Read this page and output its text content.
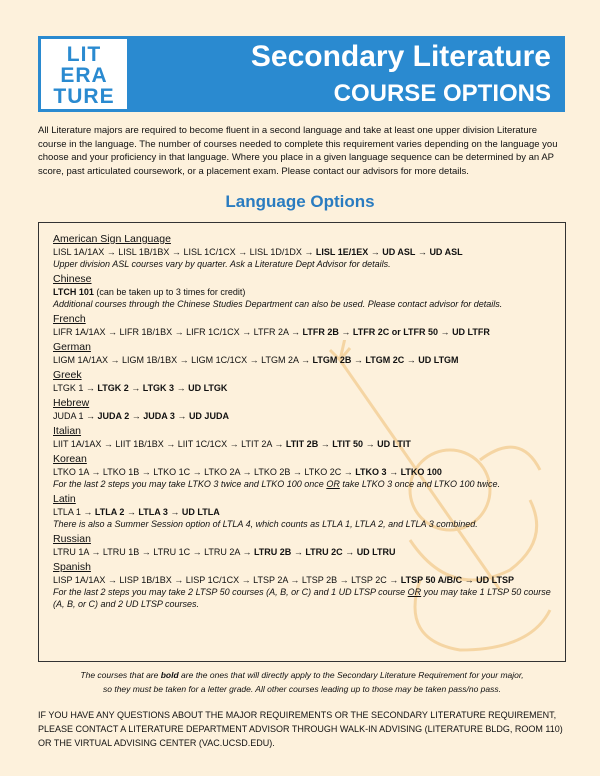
LIT
ERA
TURE
Secondary Literature
COURSE OPTIONS
All Literature majors are required to become fluent in a second language and take at least one upper division Literature course in the language. The number of courses needed to complete this requirement varies depending on the language you choose and your proficiency in that language. Where you place in a given language sequence can be determined by an AP score, past articulated coursework, or a placement exam. Please contact our advisors for more details.
Language Options
American Sign Language
LISL 1A/1AX → LISL 1B/1BX → LISL 1C/1CX → LISL 1D/1DX → LISL 1E/1EX → UD ASL → UD ASL
Upper division ASL courses vary by quarter. Ask a Literature Dept Advisor for details.
Chinese
LTCH 101 (can be taken up to 3 times for credit)
Additional courses through the Chinese Studies Department can also be used. Please contact advisor for details.
French
LIFR 1A/1AX → LIFR 1B/1BX → LIFR 1C/1CX → LTFR 2A → LTFR 2B → LTFR 2C or LTFR 50 → UD LTFR
German
LIGM 1A/1AX → LIGM 1B/1BX → LIGM 1C/1CX → LTGM 2A → LTGM 2B → LTGM 2C → UD LTGM
Greek
LTGK 1 → LTGK 2 → LTGK 3 → UD LTGK
Hebrew
JUDA 1 → JUDA 2 → JUDA 3 → UD JUDA
Italian
LIIT 1A/1AX → LIIT 1B/1BX → LIIT 1C/1CX → LTIT 2A → LTIT 2B → LTIT 50 → UD LTIT
Korean
LTKO 1A → LTKO 1B → LTKO 1C → LTKO 2A → LTKO 2B → LTKO 2C → LTKO 3 → LTKO 100
For the last 2 steps you may take LTKO 3 twice and LTKO 100 once OR take LTKO 3 once and LTKO 100 twice.
Latin
LTLA 1 → LTLA 2 → LTLA 3 → UD LTLA
There is also a Summer Session option of LTLA 4, which counts as LTLA 1, LTLA 2, and LTLA 3 combined.
Russian
LTRU 1A → LTRU 1B → LTRU 1C → LTRU 2A → LTRU 2B → LTRU 2C → UD LTRU
Spanish
LISP 1A/1AX → LISP 1B/1BX → LISP 1C/1CX → LTSP 2A → LTSP 2B → LTSP 2C → LTSP 50 A/B/C → UD LTSP
For the last 2 steps you may take 2 LTSP 50 courses (A, B, or C) and 1 UD LTSP course OR you may take 1 LTSP 50 course (A, B, or C) and 2 UD LTSP courses.
The courses that are bold are the ones that will directly apply to the Secondary Literature Requirement for your major,
so they must be taken for a letter grade. All other courses leading up to those may be taken pass/no pass.
IF YOU HAVE ANY QUESTIONS ABOUT THE MAJOR REQUIREMENTS OR THE SECONDARY LITERATURE REQUIREMENT, PLEASE CONTACT A LITERATURE DEPARTMENT ADVISOR THROUGH WALK-IN ADVISING (LITERATURE BLDG, ROOM 110) OR THE VIRTUAL ADVISING CENTER (VAC.UCSD.EDU).
